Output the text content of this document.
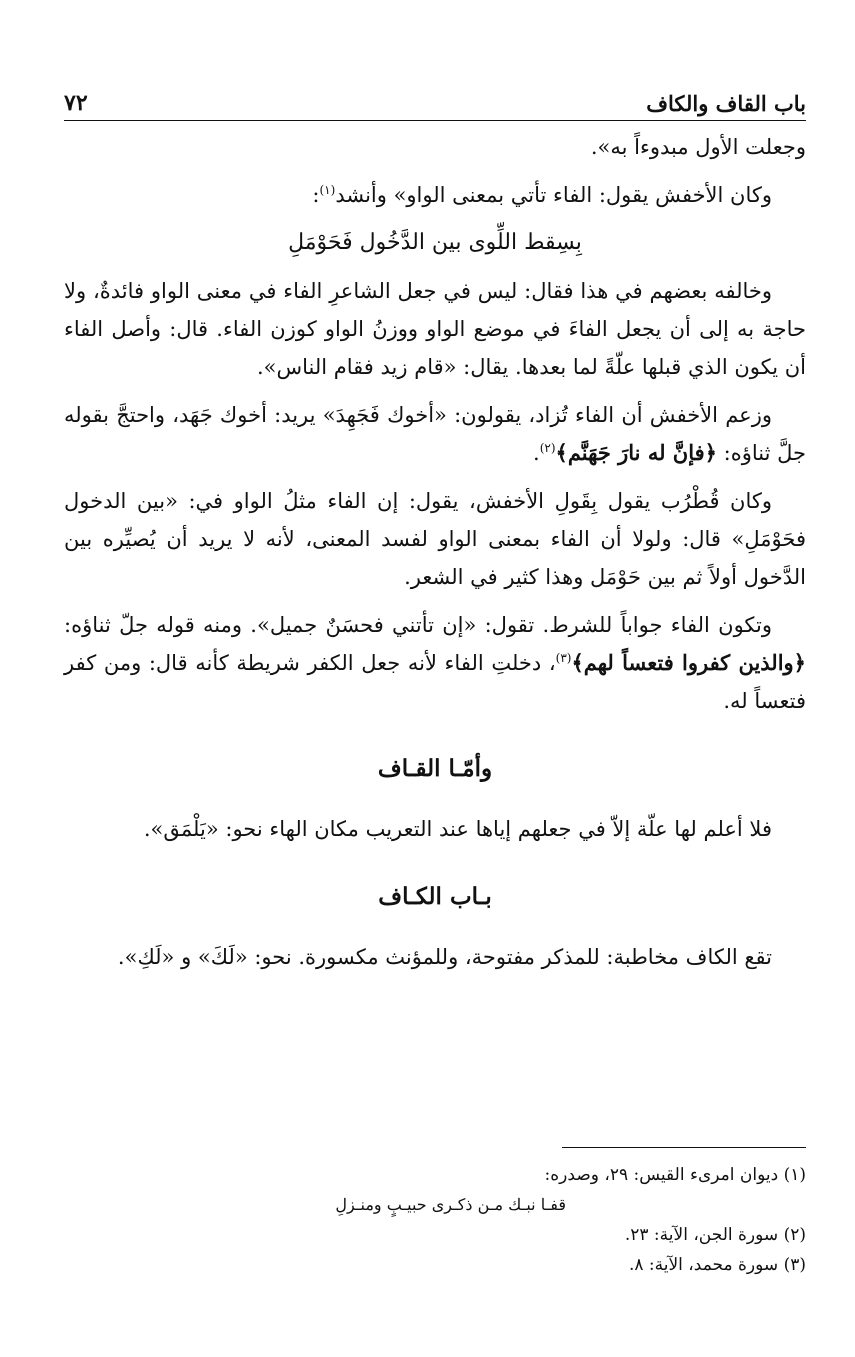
باب القاف والكاف
٧٢

وجعلت الأول مبدوءاً به».

وكان الأخفش يقول: الفاء تأتي بمعنى الواو» وأنشد$^{(١)}$:

بِسِقط اللِّوى بين الدَّخُول فَحَوْمَلِ

وخالفه بعضهم في هذا فقال: ليس في جعل الشاعرِ الفاء في معنى الواو فائدةٌ، ولا حاجة به إلى أن يجعل الفاءَ في موضع الواو ووزنُ الواو كوزن الفاء. قال: وأصل الفاء أن يكون الذي قبلها علّةً لما بعدها. يقال: «قام زيد فقام الناس».

وزعم الأخفش أن الفاء تُزاد، يقولون: «أخوك فَجَهِدَ» يريد: أخوك جَهَد، واحتجَّ بقوله جلَّ ثناؤه: ﴿فإنَّ له نارَ جَهَنَّم﴾$^{(٢)}$.

وكان قُطْرُب يقول بِقَولِ الأخفش، يقول: إن الفاء مثلُ الواو في: «بين الدخول فحَوْمَلِ» قال: ولولا أن الفاء بمعنى الواو لفسد المعنى، لأنه لا يريد أن يُصيِّره بين الدَّخول أولاً ثم بين حَوْمَل وهذا كثير في الشعر.

وتكون الفاء جواباً للشرط. تقول: «إن تأتني فحسَنٌ جميل». ومنه قوله جلّ ثناؤه: ﴿والذين كفروا فتعساً لهم﴾$^{(٣)}$، دخلتِ الفاء لأنه جعل الكفر شريطة كأنه قال: ومن كفر فتعساً له.

وأمّـا القـاف

فلا أعلم لها علّة إلاّ في جعلهم إياها عند التعريب مكان الهاء نحو: «يَلْمَق».

بـاب الكـاف

تقع الكاف مخاطبة: للمذكر مفتوحة، وللمؤنث مكسورة. نحو: «لَكَ» و «لَكِ».

(١) ديوان امرىء القيس: ٢٩، وصدره:

قفـا نبـك مـن ذكـرى حبيـبٍ ومنـزلِ

(٢) سورة الجن، الآية: ٢٣.

(٣) سورة محمد، الآية: ٨.
